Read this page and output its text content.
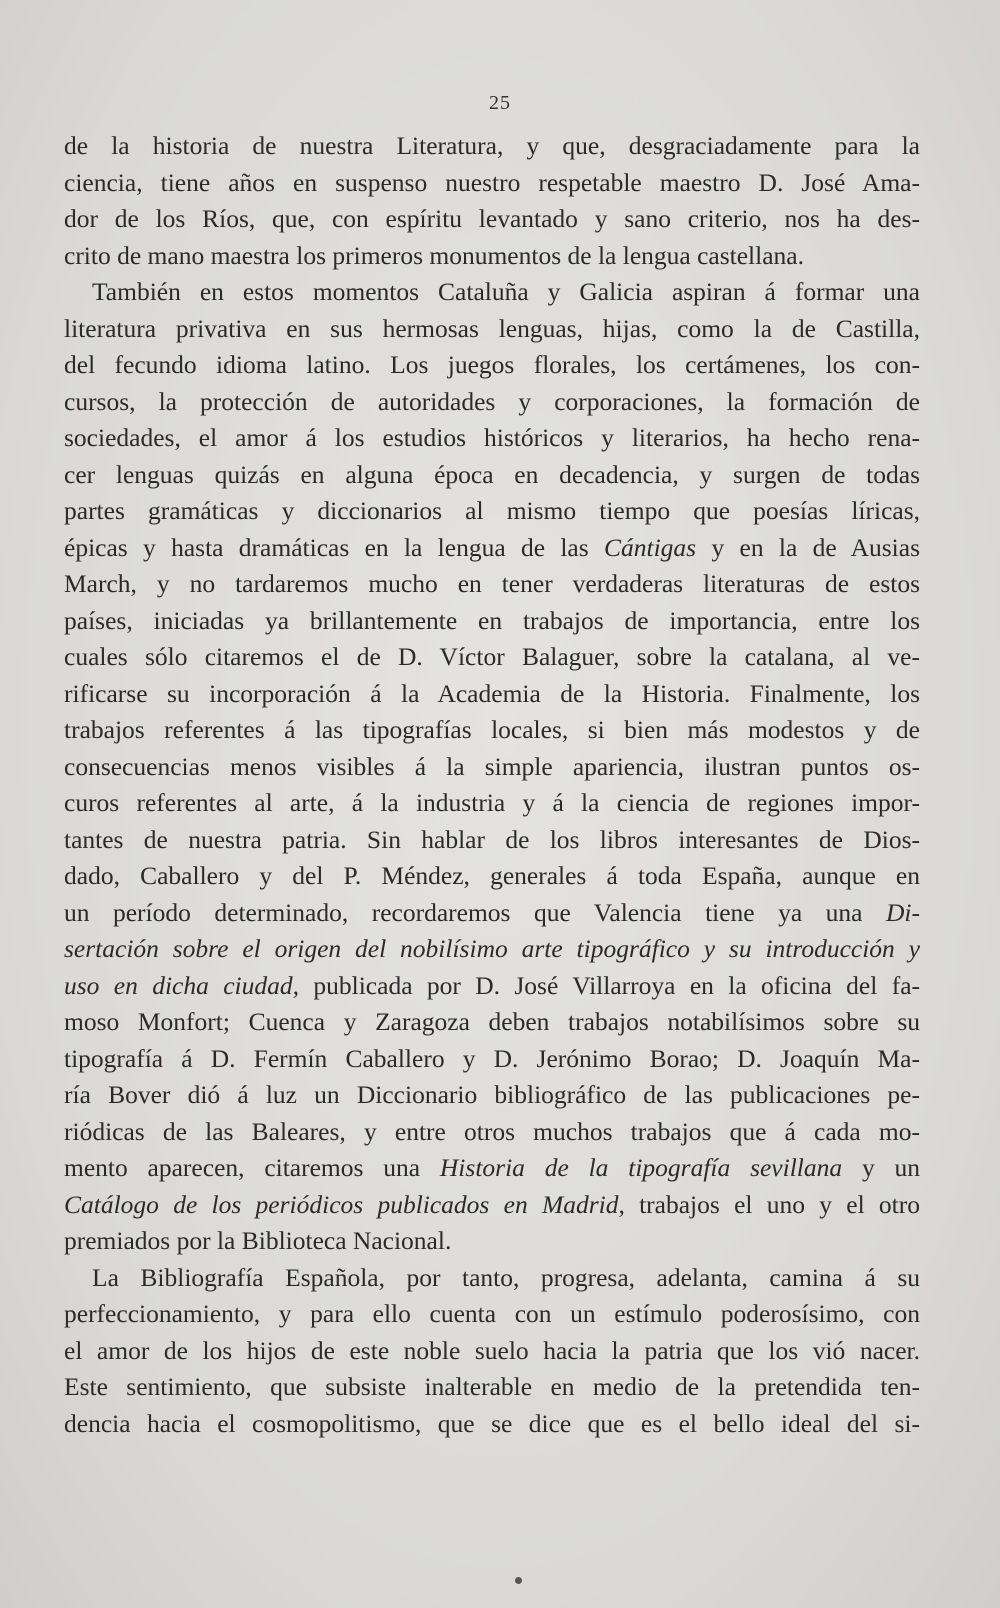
25
de la historia de nuestra Literatura, y que, desgraciadamente para la
ciencia, tiene años en suspenso nuestro respetable maestro D. José Ama-
dor de los Ríos, que, con espíritu levantado y sano criterio, nos ha des-
crito de mano maestra los primeros monumentos de la lengua castellana.
También en estos momentos Cataluña y Galicia aspiran á formar una
literatura privativa en sus hermosas lenguas, hijas, como la de Castilla,
del fecundo idioma latino. Los juegos florales, los certámenes, los con-
cursos, la protección de autoridades y corporaciones, la formación de
sociedades, el amor á los estudios históricos y literarios, ha hecho rena-
cer lenguas quizás en alguna época en decadencia, y surgen de todas
partes gramáticas y diccionarios al mismo tiempo que poesías líricas,
épicas y hasta dramáticas en la lengua de las Cántigas y en la de Ausias
March, y no tardaremos mucho en tener verdaderas literaturas de estos
países, iniciadas ya brillantemente en trabajos de importancia, entre los
cuales sólo citaremos el de D. Víctor Balaguer, sobre la catalana, al ve-
rificarse su incorporación á la Academia de la Historia. Finalmente, los
trabajos referentes á las tipografías locales, si bien más modestos y de
consecuencias menos visibles á la simple apariencia, ilustran puntos os-
curos referentes al arte, á la industria y á la ciencia de regiones impor-
tantes de nuestra patria. Sin hablar de los libros interesantes de Dios-
dado, Caballero y del P. Méndez, generales á toda España, aunque en
un período determinado, recordaremos que Valencia tiene ya una Di-
sertación sobre el origen del nobilísimo arte tipográfico y su introducción y
uso en dicha ciudad, publicada por D. José Villarroya en la oficina del fa-
moso Monfort; Cuenca y Zaragoza deben trabajos notabilísimos sobre su
tipografía á D. Fermín Caballero y D. Jerónimo Borao; D. Joaquín Ma-
ría Bover dió á luz un Diccionario bibliográfico de las publicaciones pe-
riódicas de las Baleares, y entre otros muchos trabajos que á cada mo-
mento aparecen, citaremos una Historia de la tipografía sevillana y un
Catálogo de los periódicos publicados en Madrid, trabajos el uno y el otro
premiados por la Biblioteca Nacional.
La Bibliografía Española, por tanto, progresa, adelanta, camina á su
perfeccionamiento, y para ello cuenta con un estímulo poderosísimo, con
el amor de los hijos de este noble suelo hacia la patria que los vió nacer.
Este sentimiento, que subsiste inalterable en medio de la pretendida ten-
dencia hacia el cosmopolitismo, que se dice que es el bello ideal del si-
